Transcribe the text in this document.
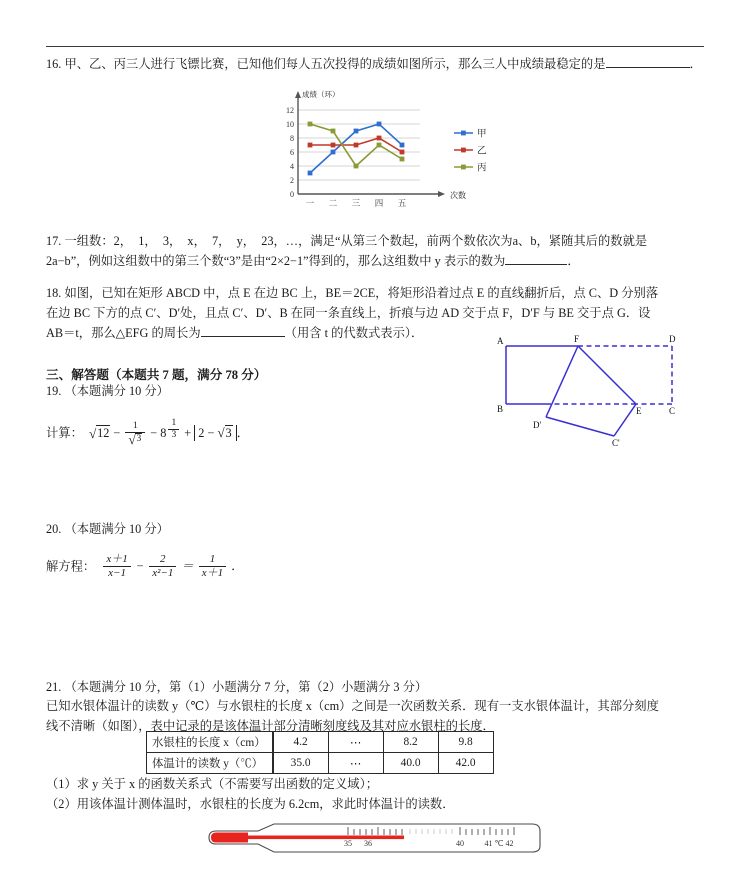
16. 甲、乙、丙三人进行飞镖比赛，已知他们每人五次投得的成绩如图所示，那么三人中成绩最稳定的是	．
0
2
4
6
8
10
12
成绩（环）
一 二 三 四 五
次数
甲
乙
丙
17. 一组数：2，　1，　3，　x，　7，　y，　23，…，满足“从第三个数起，前两个数依次为a、b，紧随其后的数就是
2a−b”，例如这组数中的第三个数“3”是由“2×2−1”得到的，那么这组数中 y 表示的数为	．
18. 如图，已知在矩形 ABCD 中，点 E 在边 BC 上，BE＝2CE，将矩形沿着过点 E 的直线翻折后，点 C、D 分别落
在边 BC 下方的点 C′、D′处，且点 C′、D′、B 在同一条直线上，折痕与边 AD 交于点 F，D′F 与 BE 交于点 G．设
AB＝t，那么△EFG 的周长为	（用含 t 的代数式表示）．
A	F	D
B	E	C
D'
C'
三、解答题（本题共 7 题，满分 78 分）
19. （本题满分 10 分）
计算： √ 12 − 1
√ 3 − 8 $^{\frac{1}{3}}$ + 2 − √ 3 ．
20. （本题满分 10 分）
解方程： $\frac{x+1}{x-1} - \frac{2}{\text{x²−1}} = \frac{1}{x+1}$ ．
21. （本题满分 10 分，第（1）小题满分 7 分，第（2）小题满分 3 分）
已知水银体温计的读数 y（℃）与水银柱的长度 x（cm）之间是一次函数关系．现有一支水银体温计，其部分刻度
线不清晰（如图），表中记录的是该体温计部分清晰刻度线及其对应水银柱的长度．
水银柱的长度 x（cm）	4.2	⋯	8.2	9.8
体温计的读数 y（℃）	35.0	⋯	40.0	42.0
（1）求 y 关于 x 的函数关系式（不需要写出函数的定义域）；
（2）用该体温计测体温时，水银柱的长度为 6.2cm，求此时体温计的读数．
35 36	40	41 ℃ 42
